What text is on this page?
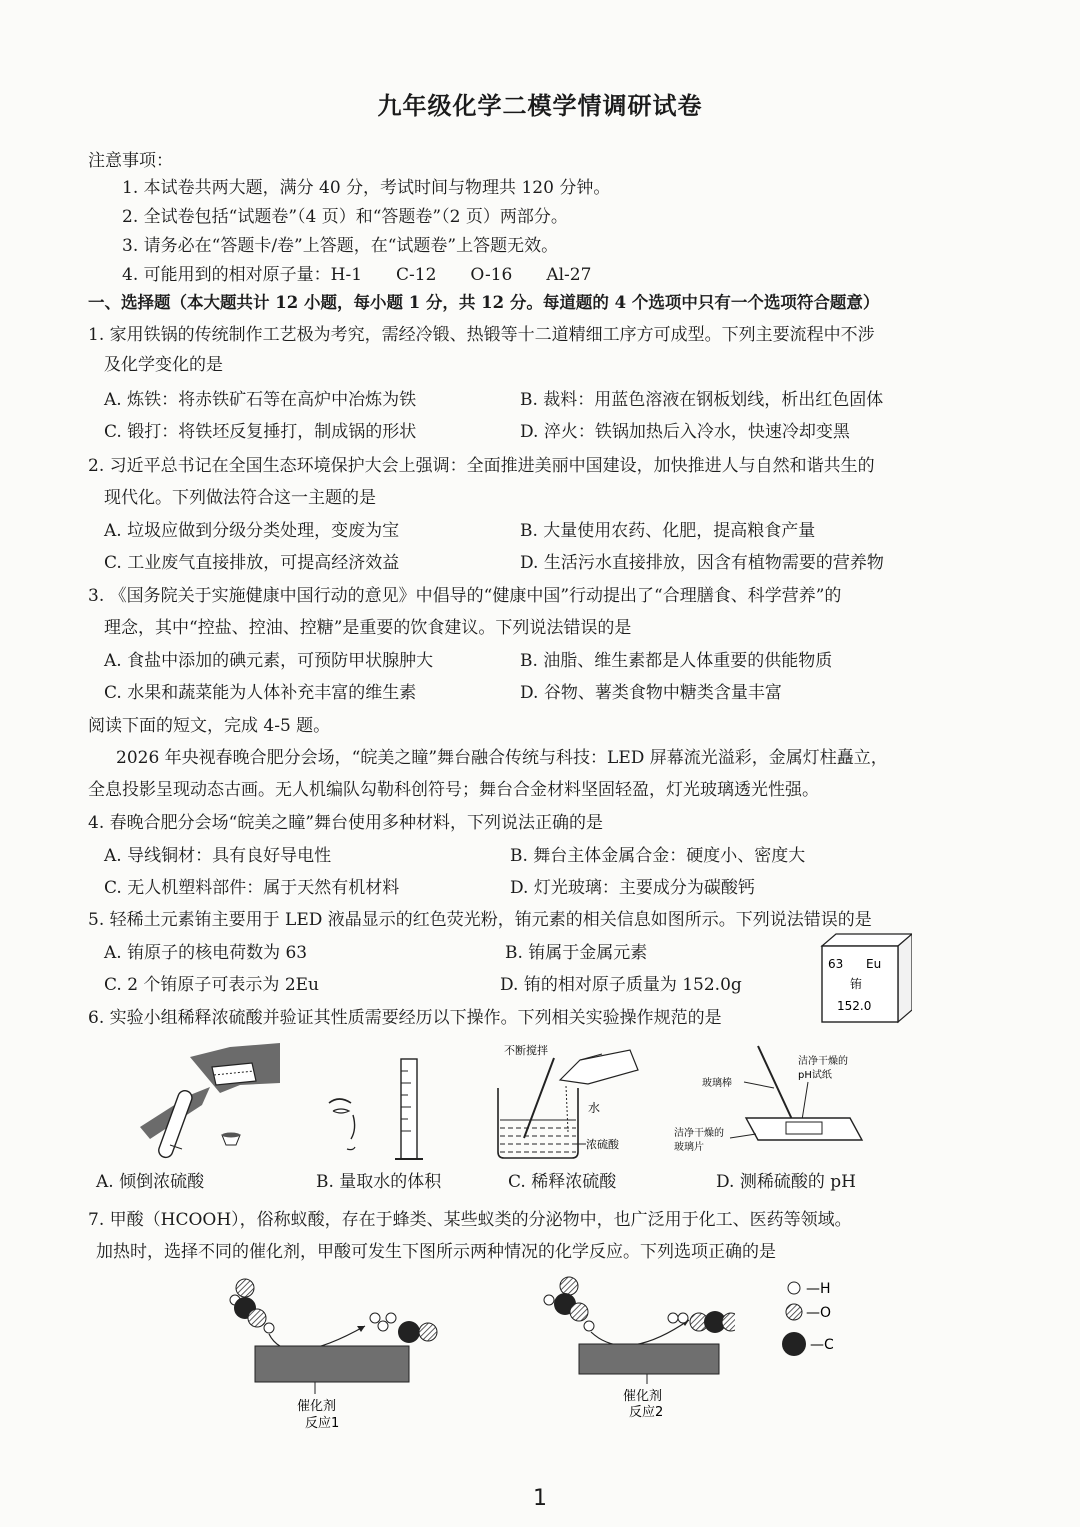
九年级化学二模学情调研试卷
注意事项：
1. 本试卷共两大题，满分 40 分，考试时间与物理共 120 分钟。
2. 全试卷包括“试题卷”（4 页）和“答题卷”（2 页）两部分。
3. 请务必在“答题卡/卷”上答题，在“试题卷”上答题无效。
4. 可能用到的相对原子量：H-1　　C-12　　O-16　　Al-27
一、选择题（本大题共计 12 小题，每小题 1 分，共 12 分。每道题的 4 个选项中只有一个选项符合题意）
1. 家用铁锅的传统制作工艺极为考究，需经冷锻、热锻等十二道精细工序方可成型。下列主要流程中不涉
及化学变化的是
A. 炼铁：将赤铁矿石等在高炉中冶炼为铁	B. 裁料：用蓝色溶液在钢板划线，析出红色固体
C. 锻打：将铁坯反复捶打，制成锅的形状	D. 淬火：铁锅加热后入冷水，快速冷却变黑
2. 习近平总书记在全国生态环境保护大会上强调：全面推进美丽中国建设，加快推进人与自然和谐共生的
现代化。下列做法符合这一主题的是
A. 垃圾应做到分级分类处理，变废为宝	B. 大量使用农药、化肥，提高粮食产量
C. 工业废气直接排放，可提高经济效益	D. 生活污水直接排放，因含有植物需要的营养物
3. 《国务院关于实施健康中国行动的意见》中倡导的“健康中国”行动提出了“合理膳食、科学营养”的
理念，其中“控盐、控油、控糖”是重要的饮食建议。下列说法错误的是
A. 食盐中添加的碘元素，可预防甲状腺肿大	B. 油脂、维生素都是人体重要的供能物质
C. 水果和蔬菜能为人体补充丰富的维生素	D. 谷物、薯类食物中糖类含量丰富
阅读下面的短文，完成 4-5 题。
2026 年央视春晚合肥分会场，“皖美之瞳”舞台融合传统与科技：LED 屏幕流光溢彩，金属灯柱矗立，
全息投影呈现动态古画。无人机编队勾勒科创符号；舞台合金材料坚固轻盈，灯光玻璃透光性强。
4. 春晚合肥分会场“皖美之瞳”舞台使用多种材料，下列说法正确的是
A. 导线铜材：具有良好导电性	B. 舞台主体金属合金：硬度小、密度大
C. 无人机塑料部件：属于天然有机材料	D. 灯光玻璃：主要成分为碳酸钙
5. 轻稀土元素铕主要用于 LED 液晶显示的红色荧光粉，铕元素的相关信息如图所示。下列说法错误的是
A. 铕原子的核电荷数为 63	B. 铕属于金属元素
C. 2 个铕原子可表示为 2Eu	D. 铕的相对原子质量为 152.0g
63 Eu
铕
152.0
6. 实验小组稀释浓硫酸并验证其性质需要经历以下操作。下列相关实验操作规范的是
不断搅拌
水
浓硫酸
玻璃棒
洁净干燥的
pH试纸
洁净干燥的
玻璃片
A. 倾倒浓硫酸	B. 量取水的体积	C. 稀释浓硫酸	D. 测稀硫酸的 pH
7. 甲酸（HCOOH），俗称蚁酸，存在于蜂类、某些蚁类的分泌物中，也广泛用于化工、医药等领域。
加热时，选择不同的催化剂，甲酸可发生下图所示两种情况的化学反应。下列选项正确的是
催化剂
反应1
催化剂
反应2
—H
—O
—C
1
